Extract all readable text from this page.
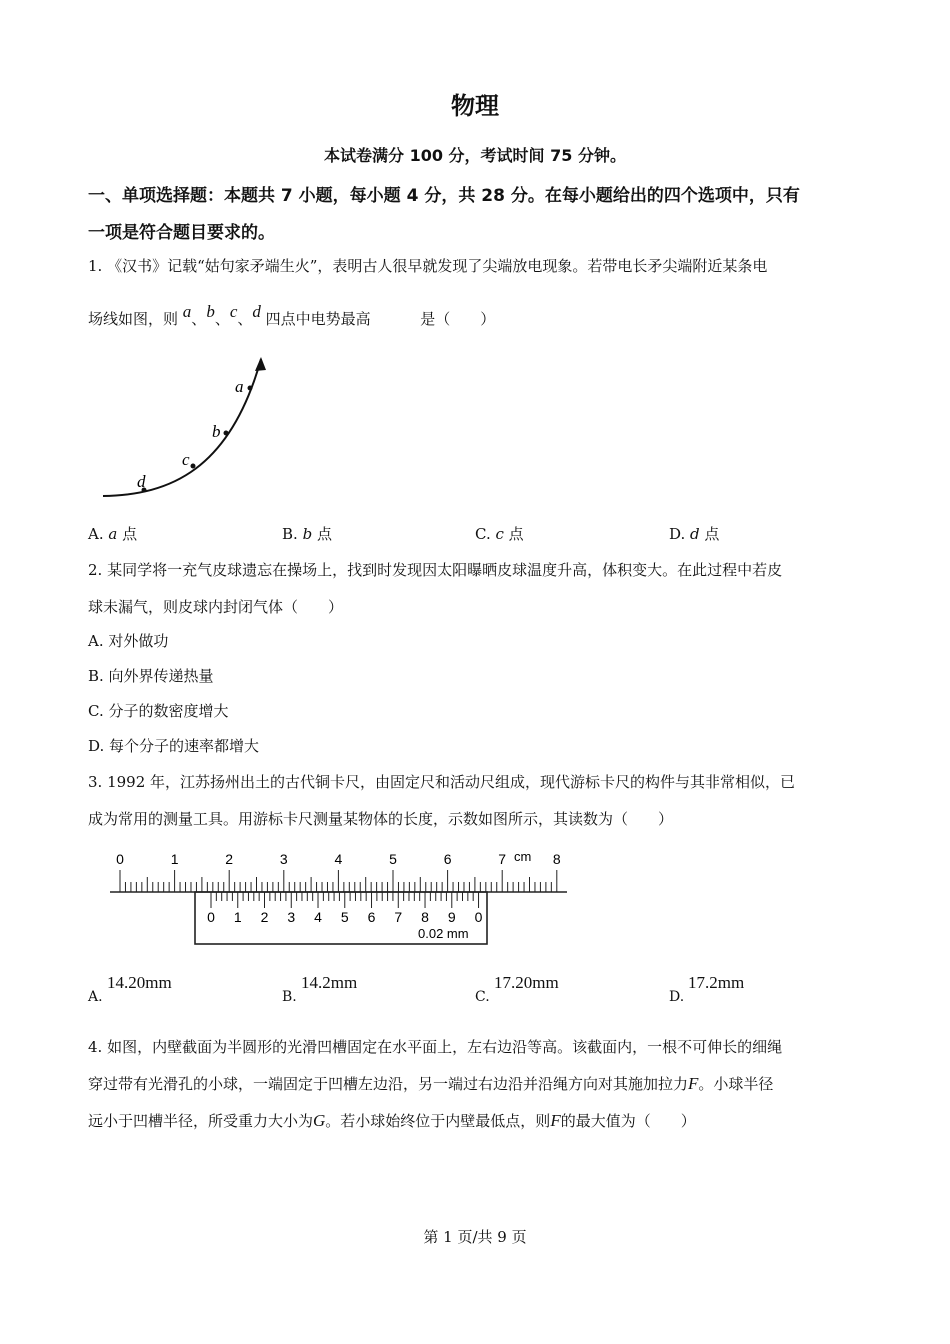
物理
本试卷满分 100 分，考试时间 75 分钟。
一、单项选择题：本题共 7 小题，每小题 4 分，共 28 分。在每小题给出的四个选项中，只有
一项是符合题目要求的。
1. 《汉书》记载“姑句家矛端生火”，表明古人很早就发现了尖端放电现象。若带电长矛尖端附近某条电
场线如图，则 a、b、c、d 四点中电势最高	是（　　）
a
b
c
d
A. a 点	B. b 点	C. c 点	D. d 点
2. 某同学将一充气皮球遗忘在操场上，找到时发现因太阳曝晒皮球温度升高，体积变大。在此过程中若皮
球未漏气，则皮球内封闭气体（　　）
A. 对外做功
B. 向外界传递热量
C. 分子的数密度增大
D. 每个分子的速率都增大
3. 1992 年，江苏扬州出土的古代铜卡尺，由固定尺和活动尺组成，现代游标卡尺的构件与其非常相似，已
成为常用的测量工具。用游标卡尺测量某物体的长度，示数如图所示，其读数为（　　）
0	1	2	3	4	5	6	7	8
0 1 2 3 4 5 6 7 8 9 0
cm
0.02 mm
A.
14.20mm
B.
14.2mm
C.
17.20mm
D.
17.2mm
4. 如图，内壁截面为半圆形的光滑凹槽固定在水平面上，左右边沿等高。该截面内，一根不可伸长的细绳
穿过带有光滑孔的小球，一端固定于凹槽左边沿，另一端过右边沿并沿绳方向对其施加拉力F。小球半径
远小于凹槽半径，所受重力大小为G。若小球始终位于内壁最低点，则F的最大值为（　　）
第 1 页/共 9 页
